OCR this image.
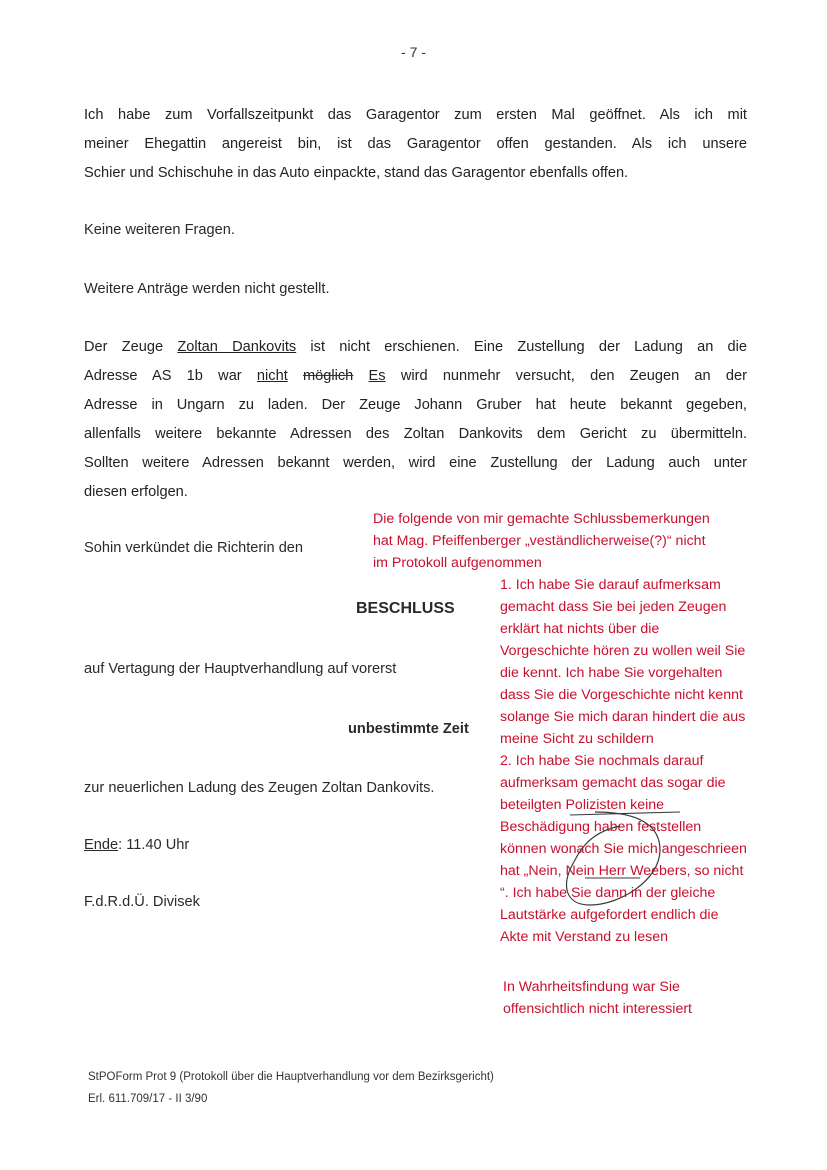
- 7 -
Ich habe zum Vorfallszeitpunkt das Garagentor zum ersten Mal geöffnet. Als ich mit
meiner Ehegattin angereist bin, ist das Garagentor offen gestanden. Als ich unsere
Schier und Schischuhe in das Auto einpackte, stand das Garagentor ebenfalls offen.
Keine weiteren Fragen.
Weitere Anträge werden nicht gestellt.
Der Zeuge Zoltan Dankovits ist nicht erschienen. Eine Zustellung der Ladung an die
Adresse AS 1b war nicht möglich Es wird nunmehr versucht, den Zeugen an der
Adresse in Ungarn zu laden. Der Zeuge Johann Gruber hat heute bekannt gegeben,
allenfalls weitere bekannte Adressen des Zoltan Dankovits dem Gericht zu übermitteln.
Sollten weitere Adressen bekannt werden, wird eine Zustellung der Ladung auch unter
diesen erfolgen.
Sohin verkündet die Richterin den
BESCHLUSS
auf Vertagung der Hauptverhandlung auf vorerst
unbestimmte Zeit
zur neuerlichen Ladung des Zeugen Zoltan Dankovits.
Ende: 11.40 Uhr
F.d.R.d.Ü. Divisek
Die folgende von mir gemachte Schlussbemerkungen
hat Mag. Pfeiffenberger „veständlicherweise(?)“ nicht
im Protokoll aufgenommen
1. Ich habe Sie darauf aufmerksam
gemacht dass Sie bei jeden Zeugen
erklärt hat nichts über die
Vorgeschichte hören zu wollen weil Sie
die kennt. Ich habe Sie vorgehalten
dass Sie die Vorgeschichte nicht kennt
solange Sie mich daran hindert die aus
meine Sicht zu schildern
2. Ich habe Sie nochmals darauf
aufmerksam gemacht das sogar die
beteilgten Polizisten keine
Beschädigung haben feststellen
können wonach Sie mich angeschrieen
hat „Nein, Nein Herr Weebers, so nicht
“. Ich habe Sie dann in der gleiche
Lautstärke aufgefordert endlich die
Akte mit Verstand zu lesen
In Wahrheitsfindung war Sie
offensichtlich nicht interessiert
StPOForm Prot 9 (Protokoll über die Hauptverhandlung vor dem Bezirksgericht)
Erl. 611.709/17 - II 3/90
